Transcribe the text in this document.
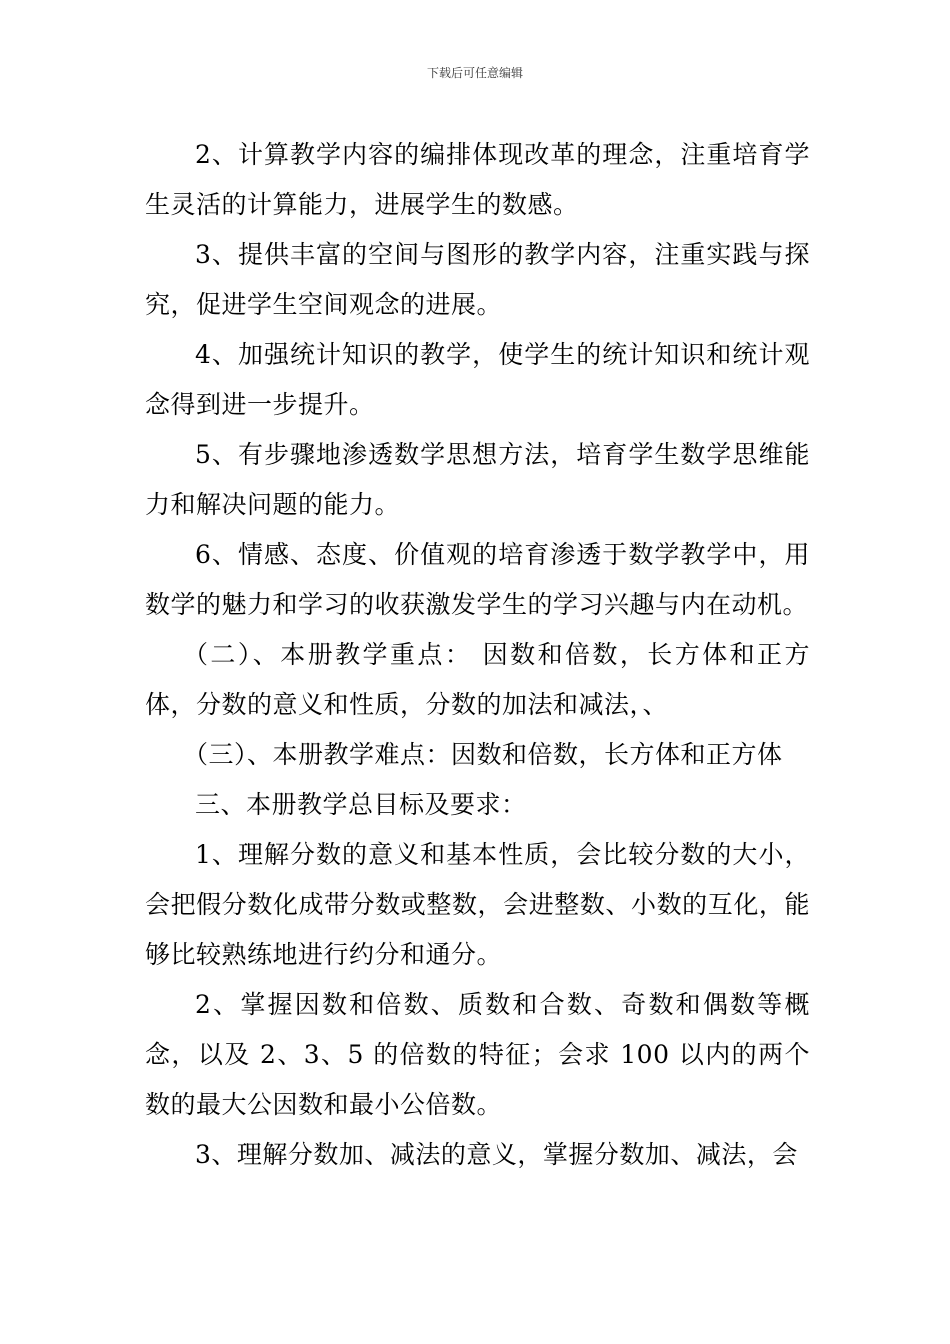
下载后可任意编辑

2、计算教学内容的编排体现改革的理念，注重培育学生灵活的计算能力，进展学生的数感。

3、提供丰富的空间与图形的教学内容，注重实践与探究，促进学生空间观念的进展。

4、加强统计知识的教学，使学生的统计知识和统计观念得到进一步提升。

5、有步骤地渗透数学思想方法，培育学生数学思维能力和解决问题的能力。

6、情感、态度、价值观的培育渗透于数学教学中，用数学的魅力和学习的收获激发学生的学习兴趣与内在动机。

（二）、本册教学重点： 因数和倍数，长方体和正方体，分数的意义和性质，分数的加法和减法，、

（三）、本册教学难点：因数和倍数，长方体和正方体

三、本册教学总目标及要求：

1、理解分数的意义和基本性质，会比较分数的大小，会把假分数化成带分数或整数，会进整数、小数的互化，能够比较熟练地进行约分和通分。

2、掌握因数和倍数、质数和合数、奇数和偶数等概念，以及 2、3、5 的倍数的特征；会求 100 以内的两个数的最大公因数和最小公倍数。

3、理解分数加、减法的意义，掌握分数加、减法，会
